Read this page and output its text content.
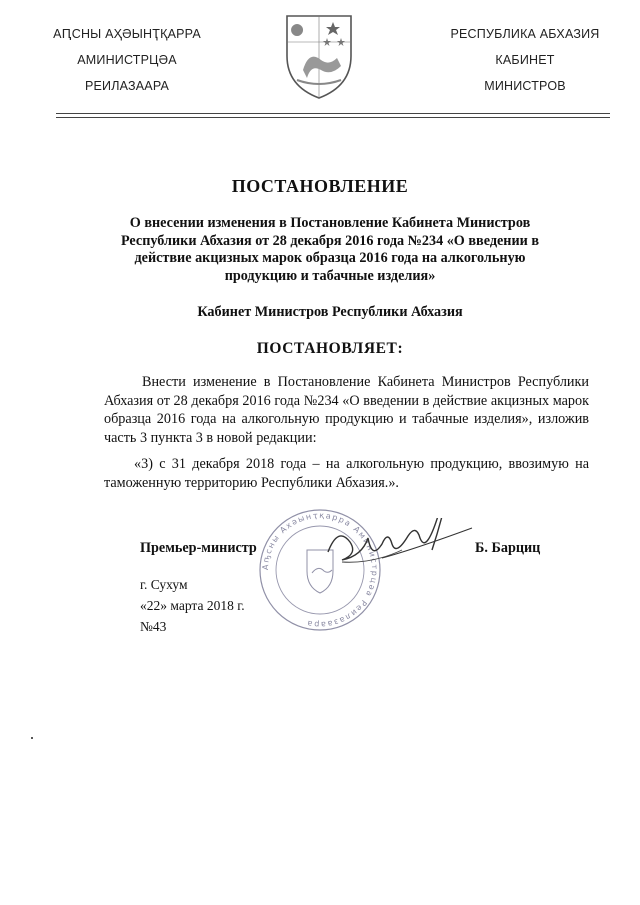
АԤСНЫ АҲӘЫНҬҚАРРА
АМИНИСТРЦӘА
РЕИЛАЗААРА
РЕСПУБЛИКА АБХАЗИЯ
КАБИНЕТ
МИНИСТРОВ
ПОСТАНОВЛЕНИЕ
О внесении изменения в Постановление Кабинета Министров Республики Абхазия от 28 декабря 2016 года №234 «О введении в действие акцизных марок образца 2016 года на алкогольную продукцию и табачные изделия»
Кабинет Министров Республики Абхазия
ПОСТАНОВЛЯЕТ:
Внести изменение в Постановление Кабинета Министров Республики Абхазия от 28 декабря 2016 года №234 «О введении в действие акцизных марок образца 2016 года на алкогольную продукцию и табачные изделия», изложив часть 3 пункта 3 в новой редакции:
«3) с 31 декабря 2018 года – на алкогольную продукцию, ввозимую на таможенную территорию Республики Абхазия.».
Аҧсны Ахәынҭқарра Аминистрцәа Реилазаара
Премьер-министр	Б. Барциц
г. Сухум
«22» марта 2018 г.
№43
